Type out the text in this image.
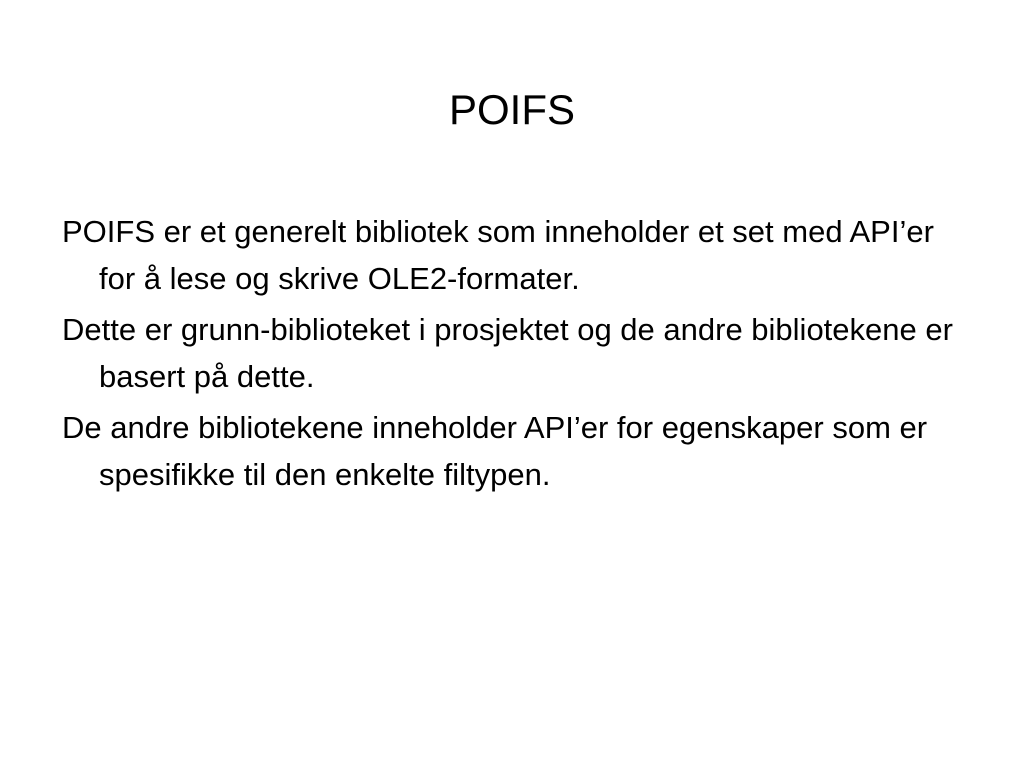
POIFS
POIFS er et generelt bibliotek som inneholder et set med API’er for å lese og skrive OLE2-formater.
Dette er grunn-biblioteket i prosjektet og de andre bibliotekene er basert på dette.
De andre bibliotekene inneholder API’er for egenskaper som er spesifikke til den enkelte filtypen.
